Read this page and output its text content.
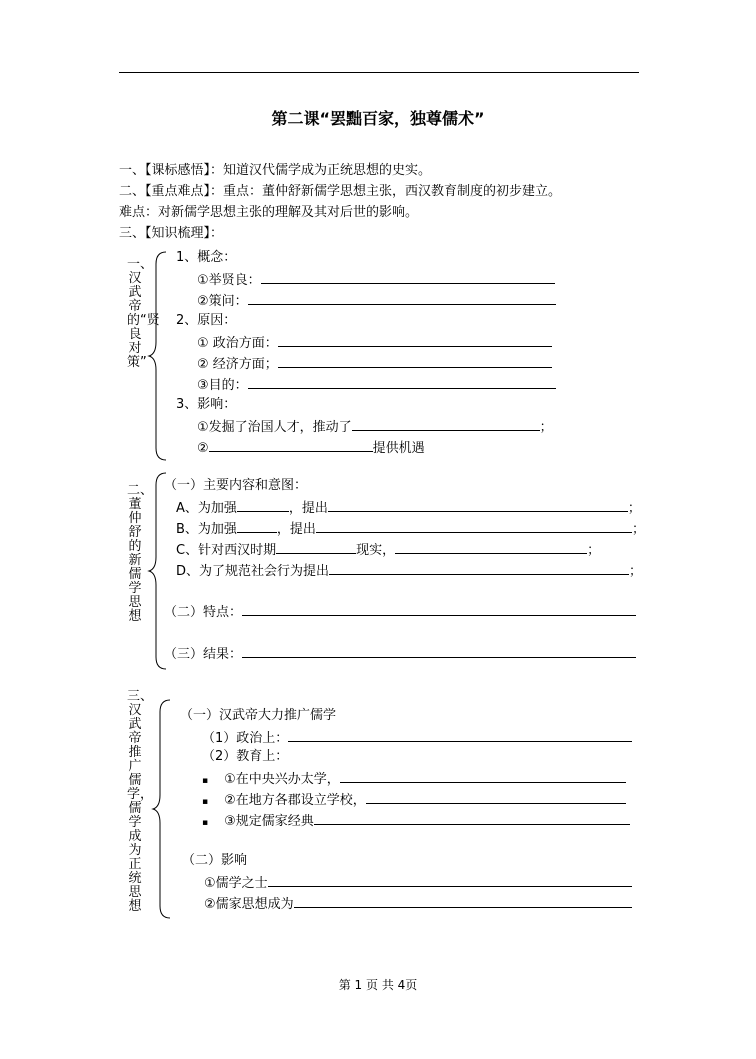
第二课“罢黜百家，独尊儒术”
一、【课标感悟】：知道汉代儒学成为正统思想的史实。
二、【重点难点】：重点：董仲舒新儒学思想主张，西汉教育制度的初步建立。
难点：对新儒学思想主张的理解及其对后世的影响。
三、【知识梳理】：
一、汉武帝的“贤良对策”
1、概念：
①举贤良：
②策问：
2、原因：
① 政治方面：
② 经济方面；
③目的：
3、影响：
①发掘了治国人才，推动了	；
②	提供机遇
二、董仲舒的新儒学思想
（一）主要内容和意图：
A、为加强	，提出	；
B、为加强	，提出	；
C、针对西汉时期	现实，	；
D、为了规范社会行为提出	；
（二）特点：
（三）结果：
三、汉武帝推广儒学，儒学成为正统思想
（一）汉武帝大力推广儒学
（1）政治上：
（2）教育上：
▪ ①在中央兴办太学，
▪ ②在地方各郡设立学校，
▪ ③规定儒家经典
（二）影响
①儒学之士
②儒家思想成为
第 1 页 共 4页
